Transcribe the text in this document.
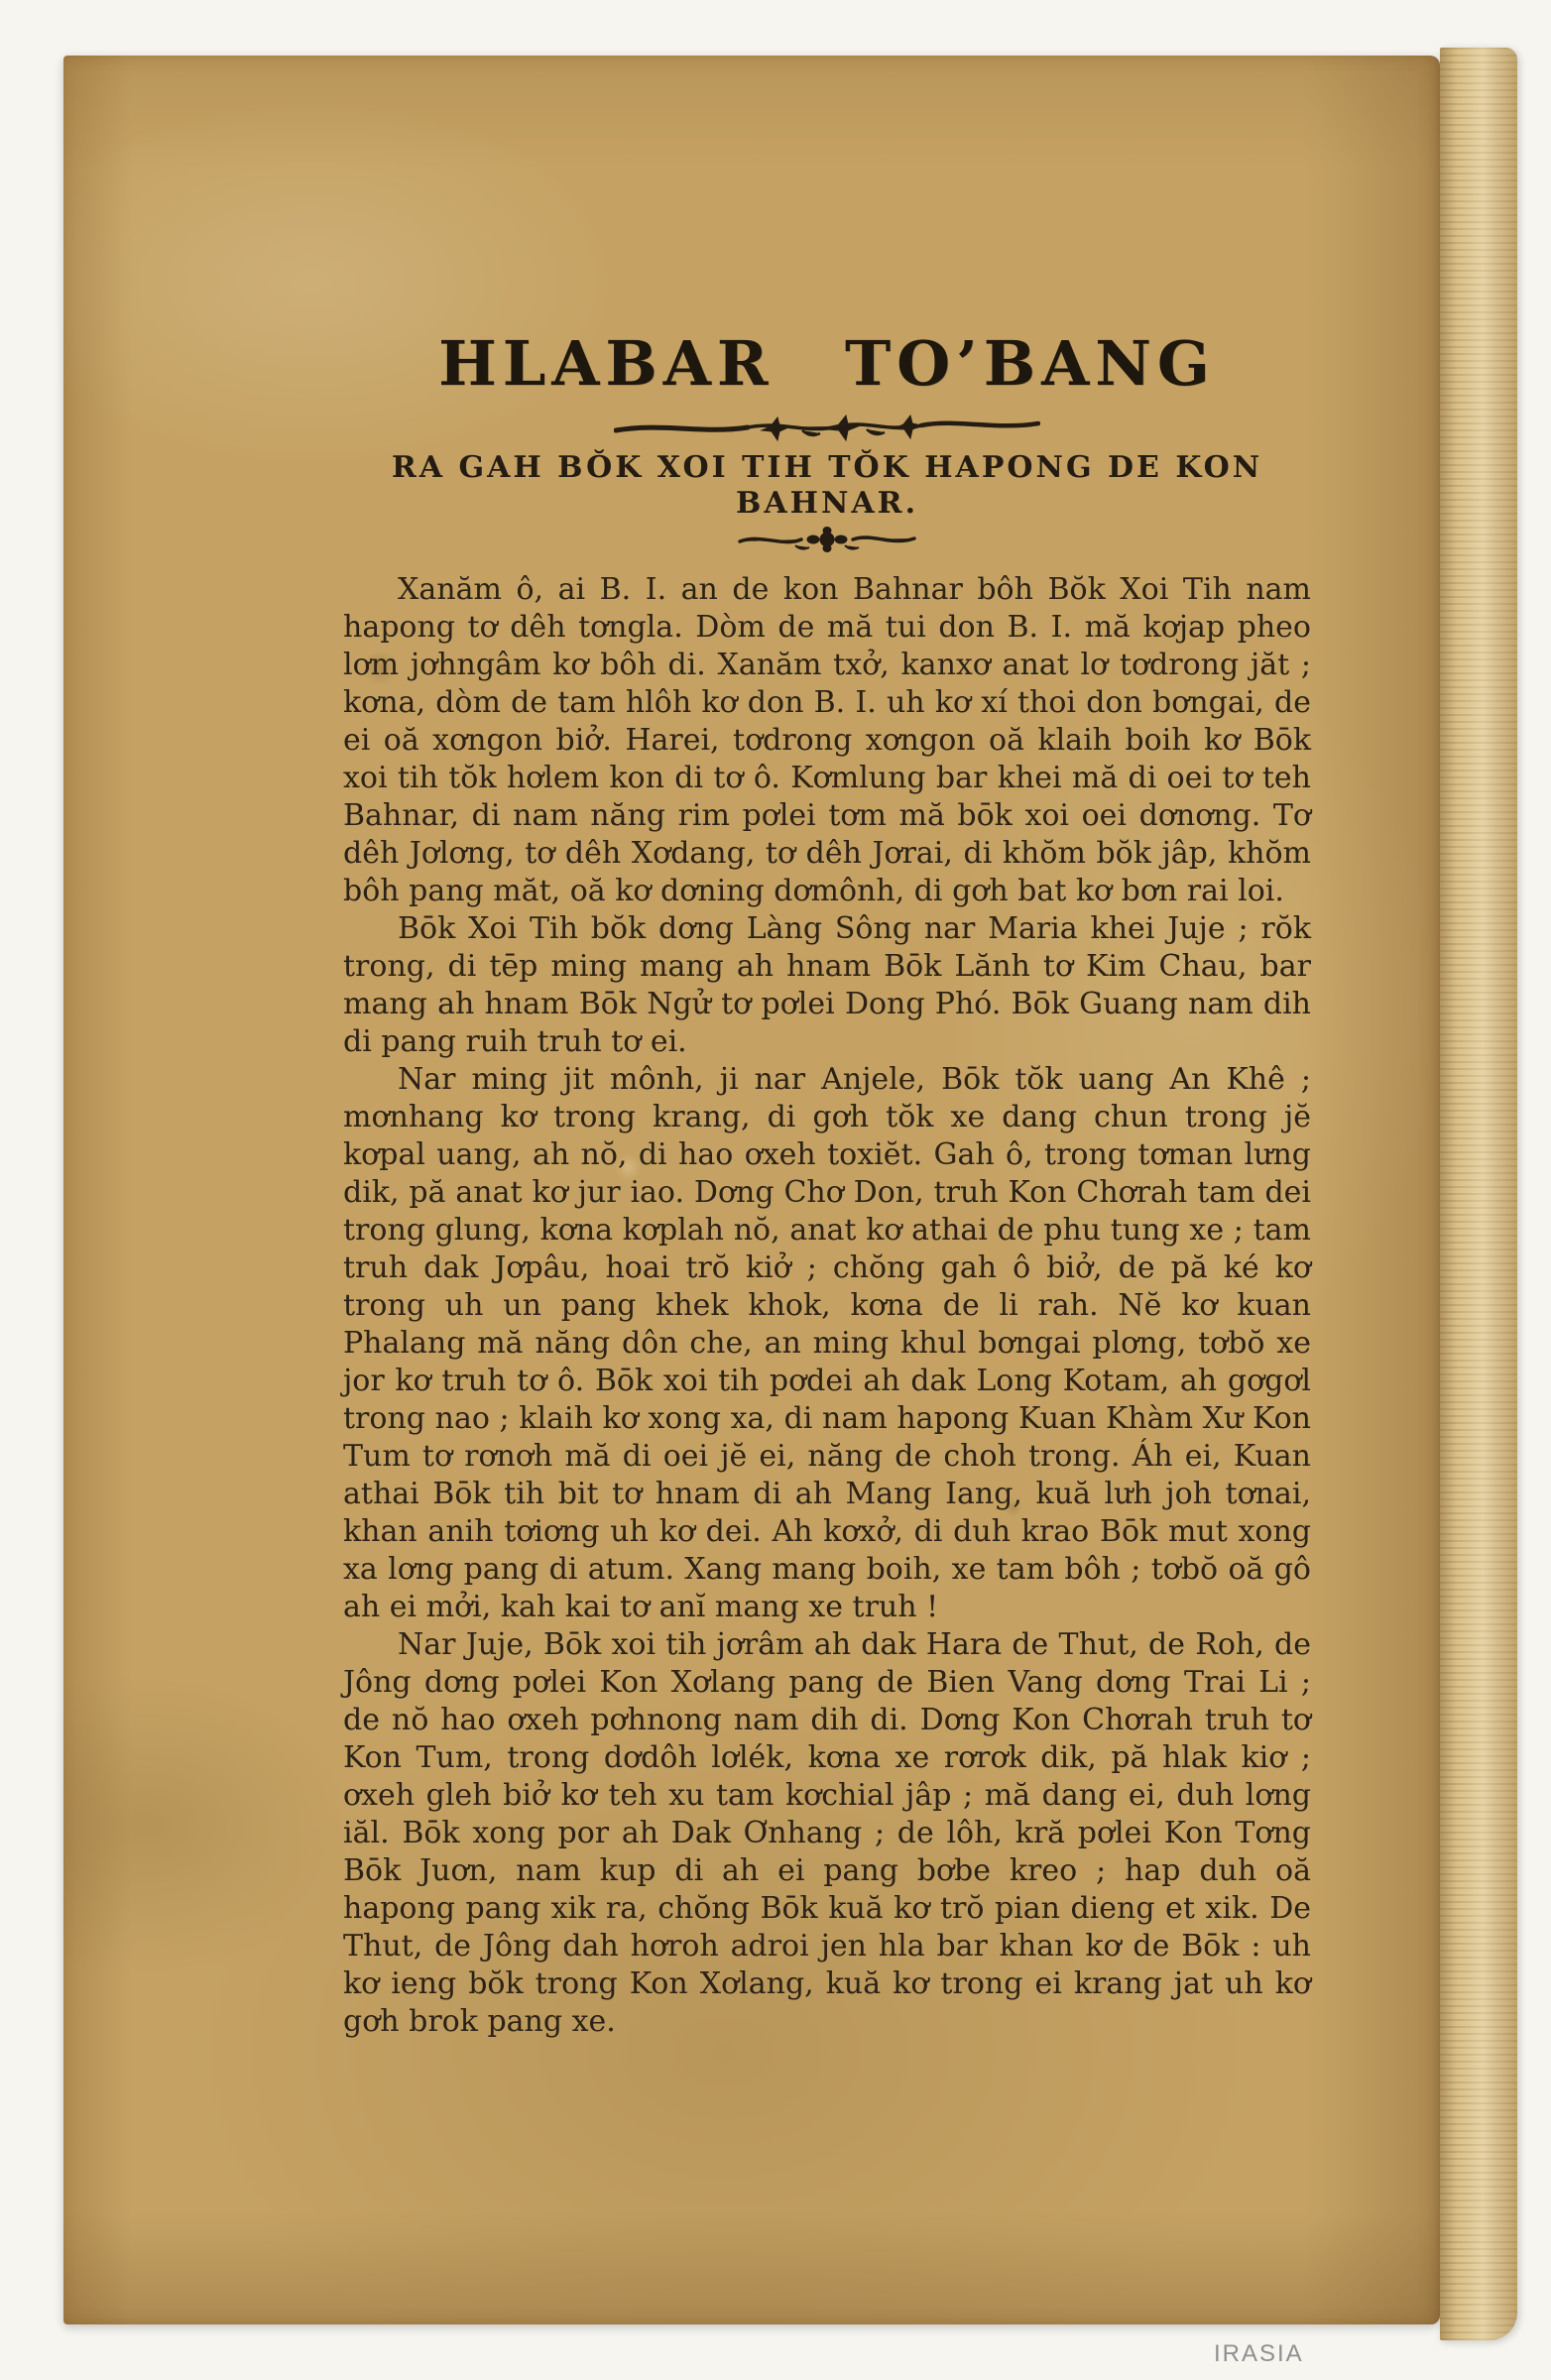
HLABAR TO’BANG
RA GAH BŎK XOI TIH TŎK HAPONG DE KON BAHNAR.

Xanăm ô, ai B. I. an de kon Bahnar bôh Bŏk Xoi Tih nam hapong tơ dêh tơngla. Dòm de mă tui don B. I. mă kơjap pheo lơm jơhngâm kơ bôh di. Xanăm txở, kanxơ anat lơ tơdrong jăt ; kơna, dòm de tam hlôh kơ don B. I. uh kơ xí thoi don bơngai, de ei oă xơngon biở. Harei, tơdrong xơngon oă klaih boih kơ Bōk xoi tih tŏk hơlem kon di tơ ô. Kơmlung bar khei mă di oei tơ teh Bahnar, di nam năng rim pơlei tơm mă bōk xoi oei dơnơng. Tơ dêh Jơlơng, tơ dêh Xơdang, tơ dêh Jơrai, di khŏm bŏk jâp, khŏm bôh pang măt, oă kơ dơning dơmônh, di gơh bat kơ bơn rai loi.

Bōk Xoi Tih bŏk dơng Làng Sông nar Maria khei Juje ; rŏk trong, di tēp ming mang ah hnam Bōk Lănh tơ Kim Chau, bar mang ah hnam Bōk Ngử tơ pơlei Dong Phó. Bōk Guang nam dih di pang ruih truh tơ ei.

Nar ming jit mônh, ji nar Anjele, Bōk tŏk uang An Khê ; mơnhang kơ trong krang, di gơh tŏk xe dang chun trong jĕ kơpal uang, ah nŏ, di hao ơxeh toxiĕt. Gah ô, trong tơman lưng dik, pă anat kơ jur iao. Dơng Chơ Don, truh Kon Chơrah tam dei trong glung, kơna kơplah nŏ, anat kơ athai de phu tung xe ; tam truh dak Jơpâu, hoai trŏ kiở ; chŏng gah ô biở, de pă ké kơ trong uh un pang khek khok, kơna de li rah. Nĕ kơ kuan Phalang mă năng dôn che, an ming khul bơngai plơng, tơbŏ xe jor kơ truh tơ ô. Bōk xoi tih pơdei ah dak Long Kotam, ah gơgơl trong nao ; klaih kơ xong xa, di nam hapong Kuan Khàm Xư Kon Tum tơ rơnơh mă di oei jĕ ei, năng de choh trong. Áh ei, Kuan athai Bōk tih bit tơ hnam di ah Mang Iang, kuă lưh joh tơnai, khan anih tơiơng uh kơ dei. Ah kơxở, di duh krao Bōk mut xong xa lơng pang di atum. Xang mang boih, xe tam bôh ; tơbŏ oă gô ah ei mởi, kah kai tơ anĭ mang xe truh !

Nar Juje, Bōk xoi tih jơrâm ah dak Hara de Thut, de Roh, de Jông dơng pơlei Kon Xơlang pang de Bien Vang dơng Trai Li ; de nŏ hao ơxeh pơhnong nam dih di. Dơng Kon Chơrah truh tơ Kon Tum, trong dơdôh lơlék, kơna xe rơrơk dik, pă hlak kiơ ; ơxeh gleh biở kơ teh xu tam kơchial jâp ; mă dang ei, duh lơng iăl. Bōk xong por ah Dak Ơnhang ; de lôh, kră pơlei Kon Tơng Bōk Juơn, nam kup di ah ei pang bơbe kreo ; hap duh oă hapong pang xik ra, chŏng Bōk kuă kơ trŏ pian dieng et xik. De Thut, de Jông dah hơroh adroi jen hla bar khan kơ de Bōk : uh kơ ieng bŏk trong Kon Xơlang, kuă kơ trong ei krang jat uh kơ gơh brok pang xe.

IRASIA
